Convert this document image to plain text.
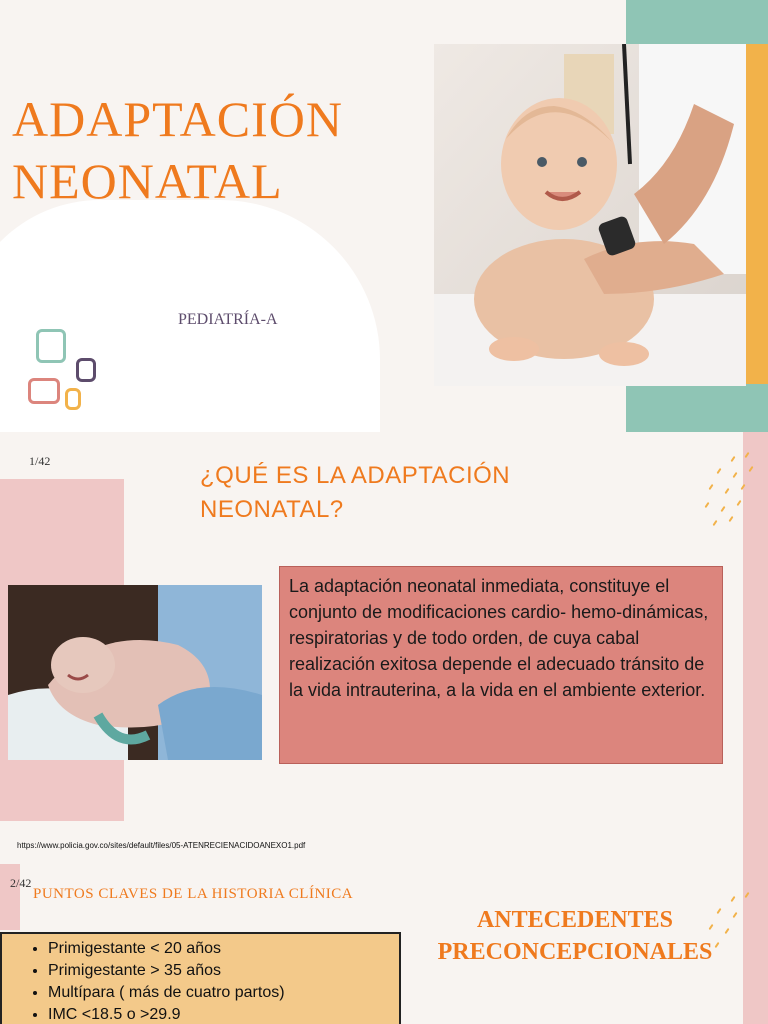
ADAPTACIÓN
NEONATAL
PEDIATRÍA-A
1/42
¿QUÉ ES LA ADAPTACIÓN
NEONATAL?
La adaptación neonatal inmediata, constituye el conjunto de modificaciones cardio- hemo-dinámicas, respiratorias y de todo orden, de cuya cabal realización exitosa depende el adecuado tránsito de la vida intrauterina, a la vida en el ambiente exterior.
https://www.policia.gov.co/sites/default/files/05-ATENRECIENACIDOANEXO1.pdf
2/42
PUNTOS CLAVES DE LA HISTORIA CLÍNICA
ANTECEDENTES
PRECONCEPCIONALES
• Primigestante < 20 años
• Primigestante > 35 años
• Multípara ( más de cuatro partos)
• IMC <18.5 o >29.9
